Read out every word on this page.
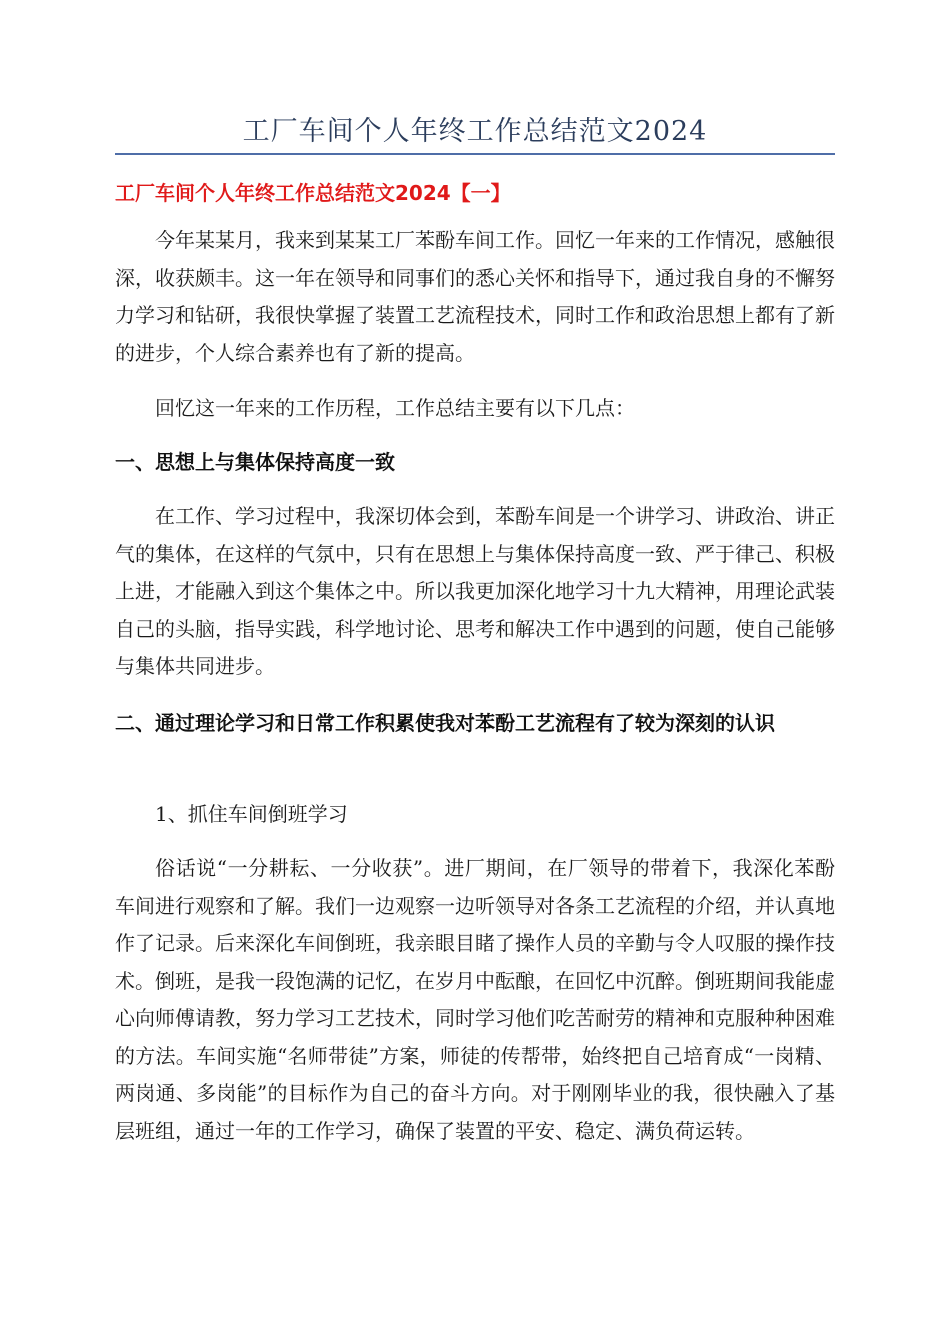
工厂车间个人年终工作总结范文2024
工厂车间个人年终工作总结范文2024【一】

今年某某月，我来到某某工厂苯酚车间工作。回忆一年来的工作情况，感触很深，收获颇丰。这一年在领导和同事们的悉心关怀和指导下，通过我自身的不懈努力学习和钻研，我很快掌握了装置工艺流程技术，同时工作和政治思想上都有了新的进步，个人综合素养也有了新的提高。

回忆这一年来的工作历程，工作总结主要有以下几点：

一、思想上与集体保持高度一致

在工作、学习过程中，我深切体会到，苯酚车间是一个讲学习、讲政治、讲正气的集体，在这样的气氛中，只有在思想上与集体保持高度一致、严于律己、积极上进，才能融入到这个集体之中。所以我更加深化地学习十九大精神，用理论武装自己的头脑，指导实践，科学地讨论、思考和解决工作中遇到的问题，使自己能够与集体共同进步。

二、通过理论学习和日常工作积累使我对苯酚工艺流程有了较为深刻的认识

1、抓住车间倒班学习

俗话说“一分耕耘、一分收获”。进厂期间，在厂领导的带着下，我深化苯酚车间进行观察和了解。我们一边观察一边听领导对各条工艺流程的介绍，并认真地作了记录。后来深化车间倒班，我亲眼目睹了操作人员的辛勤与令人叹服的操作技术。倒班，是我一段饱满的记忆，在岁月中酝酿，在回忆中沉醉。倒班期间我能虚心向师傅请教，努力学习工艺技术，同时学习他们吃苦耐劳的精神和克服种种困难的方法。车间实施“名师带徒”方案，师徒的传帮带，始终把自己培育成“一岗精、两岗通、多岗能”的目标作为自己的奋斗方向。对于刚刚毕业的我，很快融入了基层班组，通过一年的工作学习，确保了装置的平安、稳定、满负荷运转。
